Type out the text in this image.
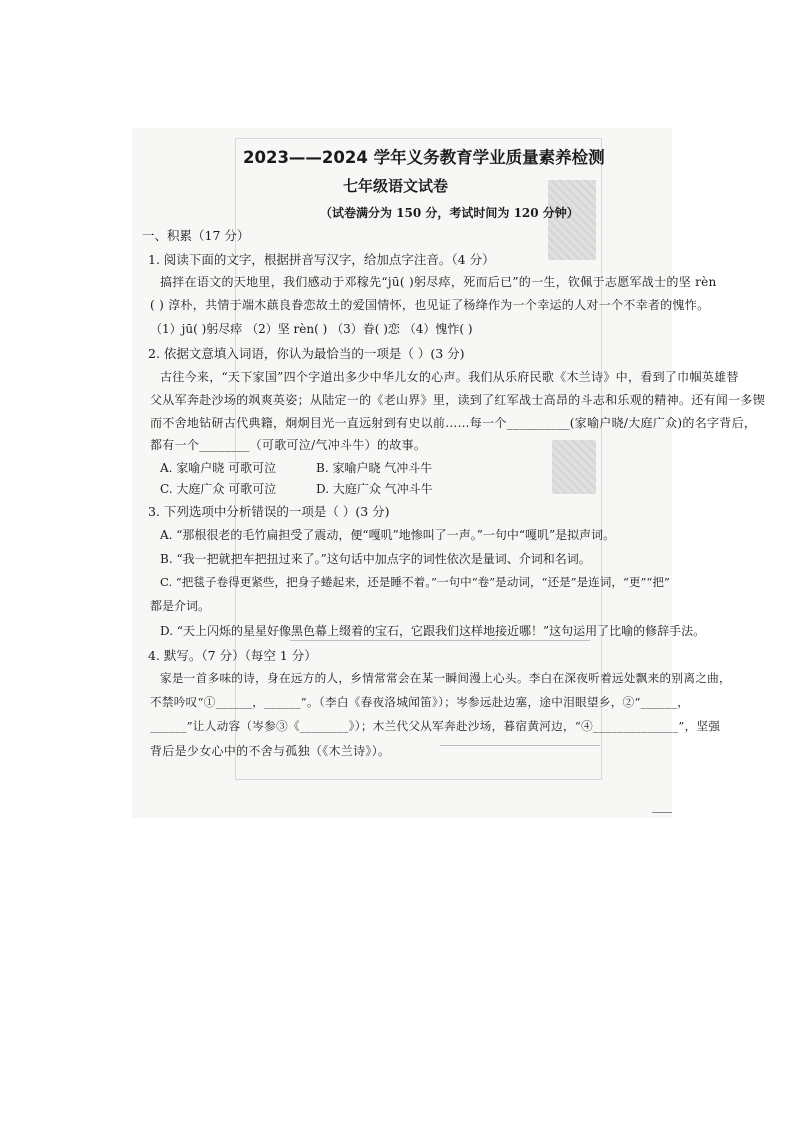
2023——2024 学年义务教育学业质量素养检测
七年级语文试卷
（试卷满分为 150 分，考试时间为 120 分钟）
一、积累（17 分）
1. 阅读下面的文字，根据拼音写汉字，给加点字注音。（4 分）
搞拌在语文的天地里，我们感动于邓稼先“jū( )躬尽瘁，死而后已”的一生，钦佩于志愿军战士的坚 rèn
( ) 淳朴，共情于端木蕻良眷恋故土的爱国情怀，也见证了杨绛作为一个幸运的人对一个不幸者的愧怍。
（1）jū( )躬尽瘁 （2）坚 rèn( ) （3）眷( )恋 （4）愧怍( )
2. 依据文意填入词语，你认为最恰当的一项是（ ）(3 分)
古往今来，“天下家国”四个字道出多少中华儿女的心声。我们从乐府民歌《木兰诗》中，看到了巾帼英雄替
父从军奔赴沙场的飒爽英姿；从陆定一的《老山界》里，读到了红军战士高昂的斗志和乐观的精神。还有闻一多锲
而不舍地钻研古代典籍，炯炯目光一直远射到有史以前……每一个__________(家喻户晓/大庭广众)的名字背后，
都有一个________（可歌可泣/气冲斗牛）的故事。
A. 家喻户晓 可歌可泣	B. 家喻户晓 气冲斗牛
C. 大庭广众 可歌可泣	D. 大庭广众 气冲斗牛
3. 下列选项中分析错误的一项是（ ）(3 分)
A. “那根很老的毛竹扁担受了震动，便“嘎叽”地惨叫了一声。”一句中“嘎叽”是拟声词。
B. “我一把就把车把扭过来了。”这句话中加点字的词性依次是量词、介词和名词。
C. “把毯子卷得更紧些，把身子蜷起来，还是睡不着。”一句中“卷”是动词，“还是”是连词，“更”“把”
都是介词。
D. “天上闪烁的星星好像黑色幕上缀着的宝石，它跟我们这样地接近哪！”这句运用了比喻的修辞手法。
4. 默写。（7 分）（每空 1 分）
家是一首多味的诗，身在远方的人，乡情常常会在某一瞬间漫上心头。李白在深夜听着远处飘来的别离之曲，
不禁吟叹“①______，______”。（李白《春夜洛城闻笛》）；岑参远赴边塞，途中泪眼望乡，②“______，
______”让人动容（岑参③《________》）；木兰代父从军奔赴沙场，暮宿黄河边，“④______________”，坚强
背后是少女心中的不舍与孤独（《木兰诗》）。
